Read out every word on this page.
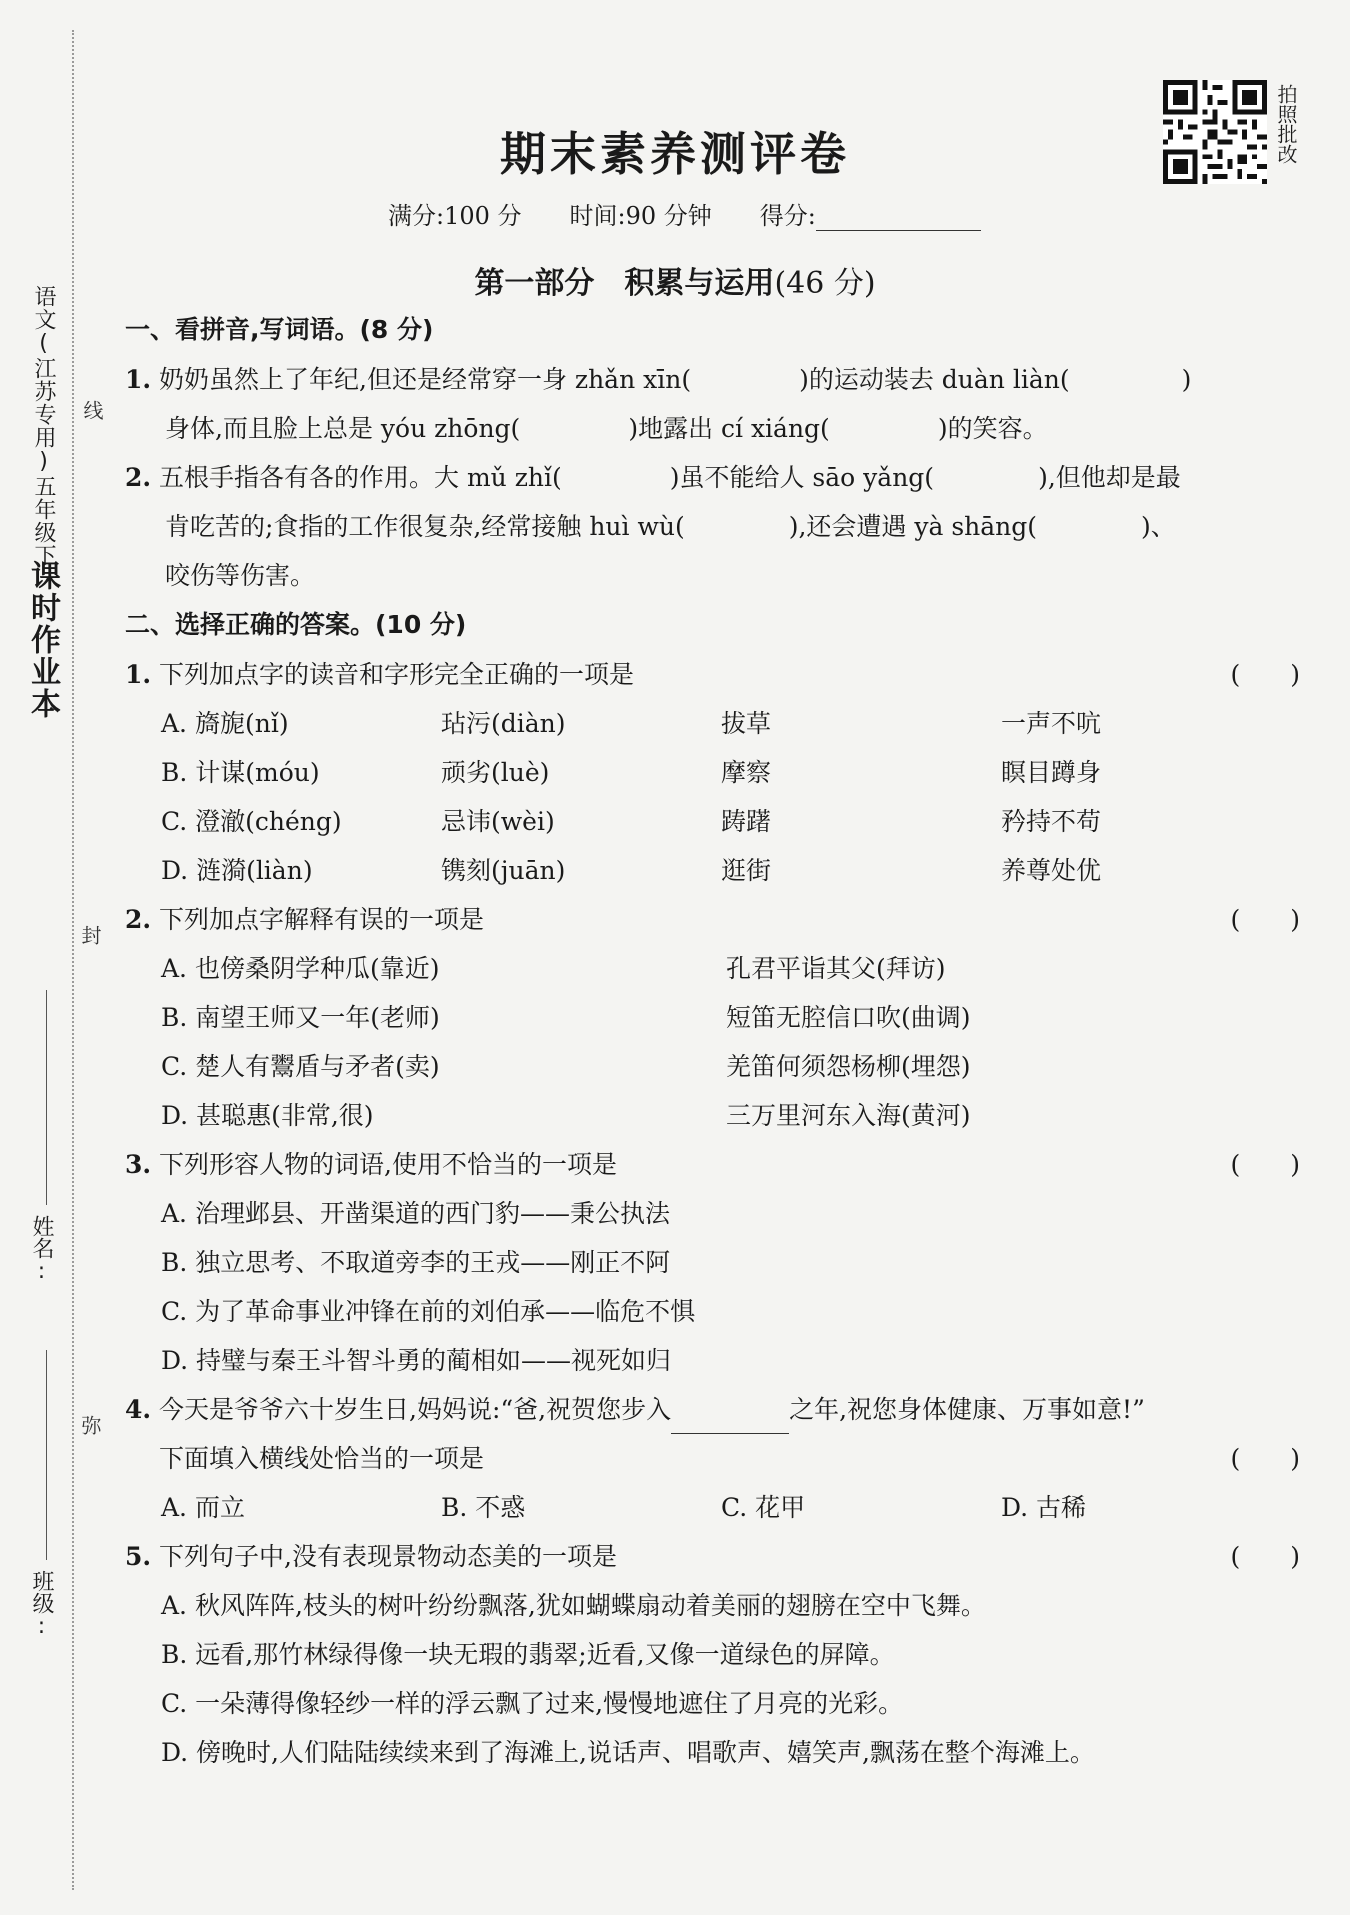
课时作业本
语文(江苏专用)五年级下 线
封
弥
姓名:
班级:
拍照批改
期末素养测评卷
满分:100 分 时间:90 分钟 得分:
第一部分　积累与运用(46 分)
一、看拼音,写词语。(8 分)
1. 奶奶虽然上了年纪,但还是经常穿一身 zhǎn xīn(	)的运动装去 duàn liàn(	)
身体,而且脸上总是 yóu zhōng(	)地露出 cí xiáng(	)的笑容。
2. 五根手指各有各的作用。大 mǔ zhǐ(	)虽不能给人 sāo yǎng(	),但他却是最
肯吃苦的;食指的工作很复杂,经常接触 huì wù(	),还会遭遇 yà shāng(	)、
咬伤等伤害。
二、选择正确的答案。(10 分)
1. 下列加点字的读音和字形完全正确的一项是	(　　)
A. 旖旎(nǐ)	玷污(diàn)	拔草	一声不吭
B. 计谋(móu)	顽劣(luè)	摩察	瞑目蹲身
C. 澄澈(chéng)	忌讳(wèi)	踌躇	矜持不苟
D. 涟漪(liàn)	镌刻(juān)	逛街	养尊处优
2. 下列加点字解释有误的一项是	(　　)
A. 也傍桑阴学种瓜(靠近)	孔君平诣其父(拜访)
B. 南望王师又一年(老师)	短笛无腔信口吹(曲调)
C. 楚人有鬻盾与矛者(卖)	羌笛何须怨杨柳(埋怨)
D. 甚聪惠(非常,很)	三万里河东入海(黄河)
3. 下列形容人物的词语,使用不恰当的一项是	(　　)
A. 治理邺县、开凿渠道的西门豹——秉公执法
B. 独立思考、不取道旁李的王戎——刚正不阿
C. 为了革命事业冲锋在前的刘伯承——临危不惧
D. 持璧与秦王斗智斗勇的蔺相如——视死如归
4. 今天是爷爷六十岁生日,妈妈说:“爸,祝贺您步入	之年,祝您身体健康、万事如意!”
下面填入横线处恰当的一项是	(　　)
A. 而立	B. 不惑	C. 花甲	D. 古稀
5. 下列句子中,没有表现景物动态美的一项是	(　　)
A. 秋风阵阵,枝头的树叶纷纷飘落,犹如蝴蝶扇动着美丽的翅膀在空中飞舞。
B. 远看,那竹林绿得像一块无瑕的翡翠;近看,又像一道绿色的屏障。
C. 一朵薄得像轻纱一样的浮云飘了过来,慢慢地遮住了月亮的光彩。
D. 傍晚时,人们陆陆续续来到了海滩上,说话声、唱歌声、嬉笑声,飘荡在整个海滩上。
